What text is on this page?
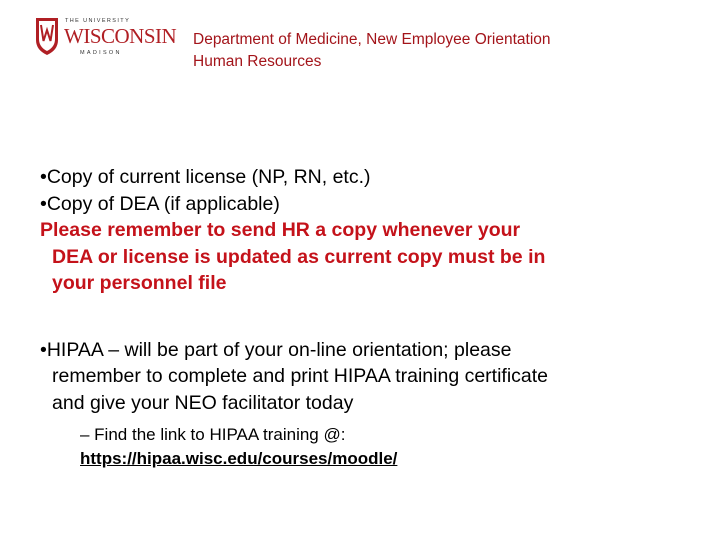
THE UNIVERSITY
WISCONSIN
MADISON
Department of Medicine, New Employee Orientation
Human Resources
•Copy of current license (NP, RN, etc.)
•Copy of DEA (if applicable)
Please remember to send HR a copy whenever your
DEA or license is updated as current copy must be in
your personnel file
•HIPAA – will be part of your on-line orientation; please
remember to complete and print HIPAA training certificate
and give your NEO facilitator today
– Find the link to HIPAA training @:
https://hipaa.wisc.edu/courses/moodle/
